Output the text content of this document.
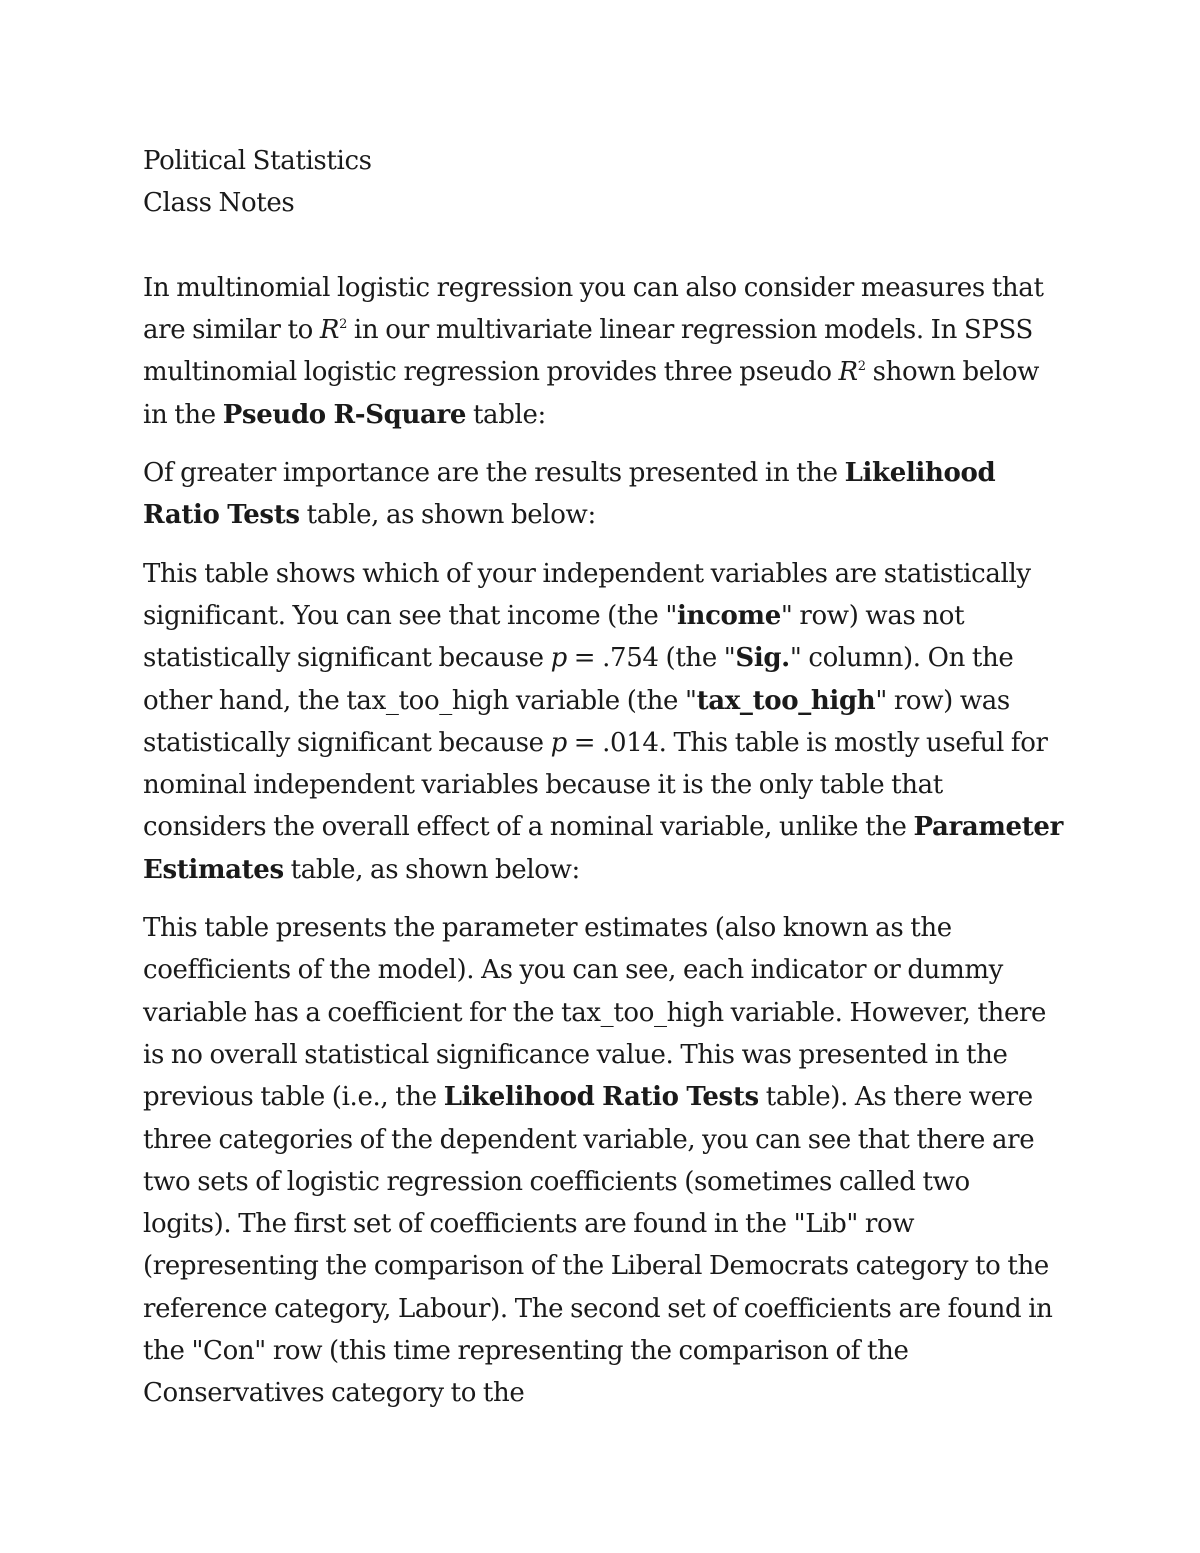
Political Statistics
Class Notes

In multinomial logistic regression you can also consider measures that are similar to $R^2$ in our multivariate linear regression models. In SPSS multinomial logistic regression provides three pseudo $R^2$ shown below in the Pseudo R-Square table:

Of greater importance are the results presented in the Likelihood Ratio Tests table, as shown below:

This table shows which of your independent variables are statistically significant. You can see that income (the "income" row) was not statistically significant because p = .754 (the "Sig." column). On the other hand, the tax_too_high variable (the "tax_too_high" row) was statistically significant because p = .014. This table is mostly useful for nominal independent variables because it is the only table that considers the overall effect of a nominal variable, unlike the Parameter Estimates table, as shown below:

This table presents the parameter estimates (also known as the coefficients of the model). As you can see, each indicator or dummy variable has a coefficient for the tax_too_high variable. However, there is no overall statistical significance value. This was presented in the previous table (i.e., the Likelihood Ratio Tests table). As there were three categories of the dependent variable, you can see that there are two sets of logistic regression coefficients (sometimes called two logits). The first set of coefficients are found in the "Lib" row (representing the comparison of the Liberal Democrats category to the reference category, Labour). The second set of coefficients are found in the "Con" row (this time representing the comparison of the Conservatives category to the
